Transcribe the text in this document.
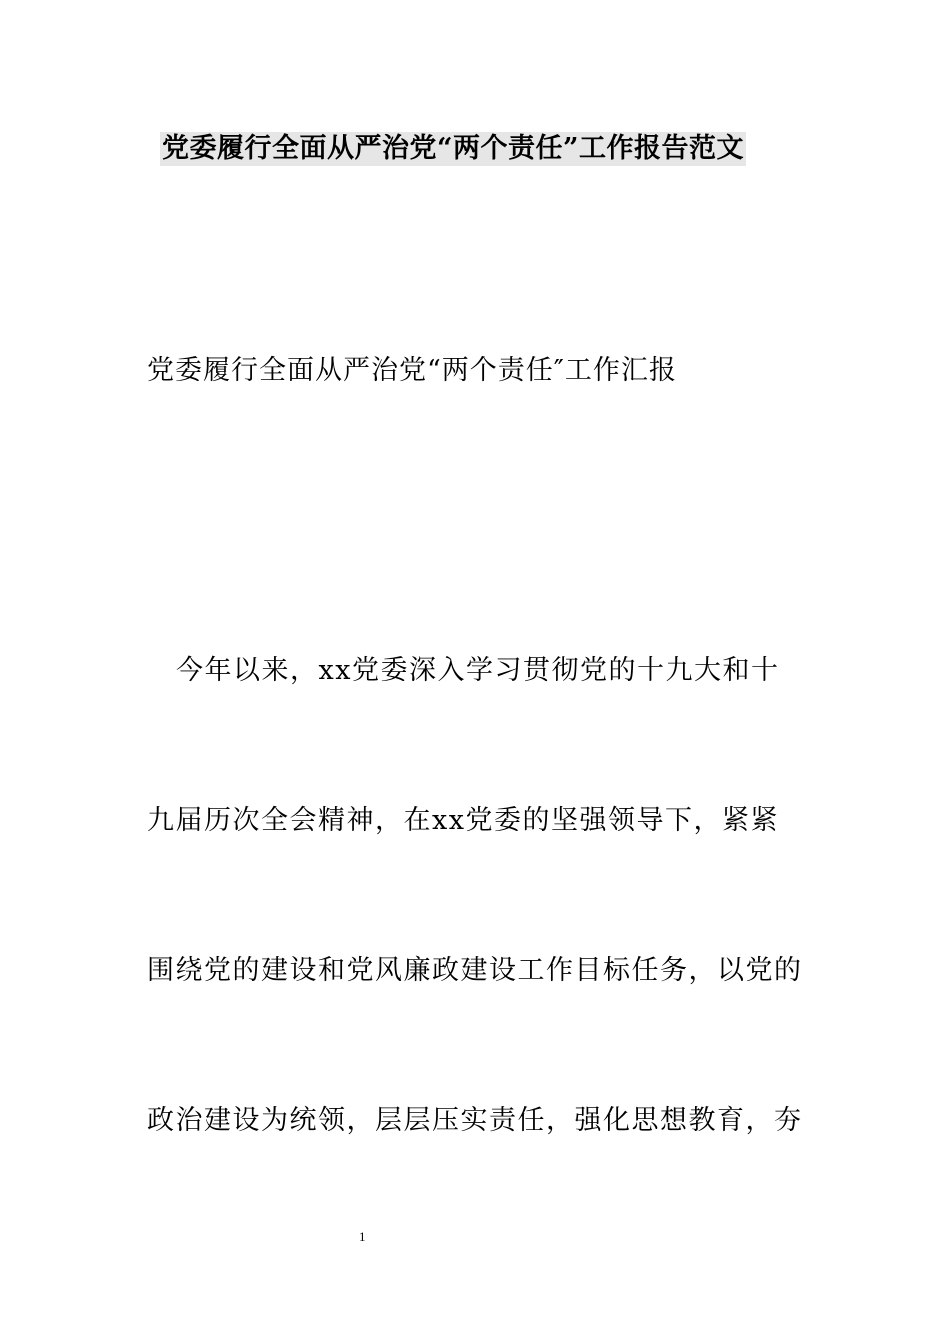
党委履行全面从严治党“两个责任”工作报告范文
党委履行全面从严治党“两个责任″工作汇报
今年以来，xx党委深入学习贯彻党的十九大和十
九届历次全会精神，在xx党委的坚强领导下，紧紧
围绕党的建设和党风廉政建设工作目标任务，以党的
政治建设为统领，层层压实责任，强化思想教育，夯
1
